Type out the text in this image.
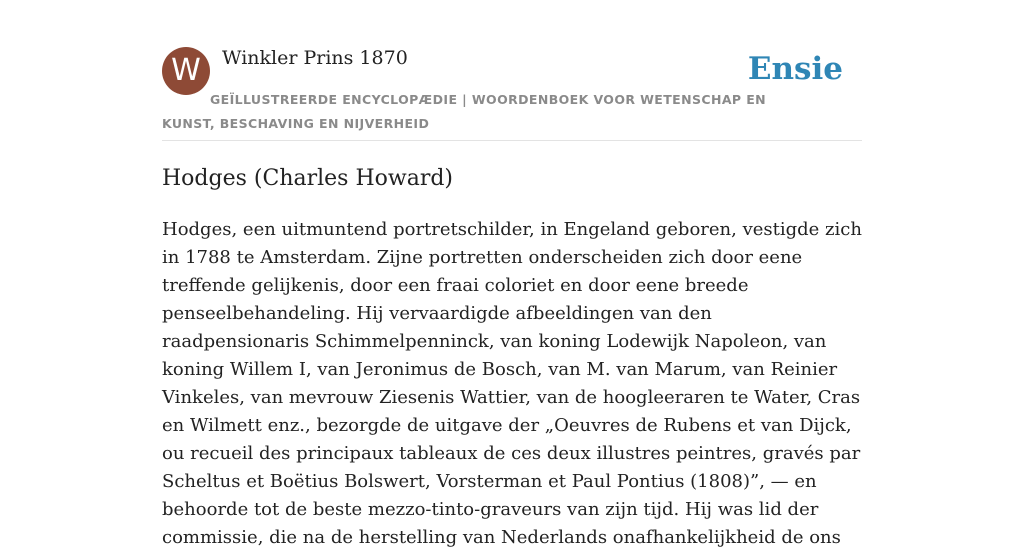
W	Winkler Prins 1870	Ensie
GEÏLLUSTREERDE ENCYCLOPÆDIE | WOORDENBOEK VOOR WETENSCHAP EN KUNST, BESCHAVING EN NIJVERHEID
Hodges (Charles Howard)

Hodges, een uitmuntend portretschilder, in Engeland geboren, vestigde zich in 1788 te Amsterdam. Zijne portretten onderscheiden zich door eene treffende gelijkenis, door een fraai coloriet en door eene breede penseelbehandeling. Hij vervaardigde afbeeldingen van den raadpensionaris Schimmelpenninck, van koning Lodewijk Napoleon, van koning Willem I, van Jeronimus de Bosch, van M. van Marum, van Reinier Vinkeles, van mevrouw Ziesenis Wattier, van de hoogleeraren te Water, Cras en Wilmett enz., bezorgde de uitgave der „Oeuvres de Rubens et van Dijck, ou recueil des principaux tableaux de ces deux illustres peintres, gravés par Scheltus et Boëtius Bolswert, Vorsterman et Paul Pontius (1808)”, — en behoorde tot de beste mezzo-tinto-graveurs van zijn tijd. Hij was lid der commissie, die na de herstelling van Nederlands onafhankelijkheid de ons
